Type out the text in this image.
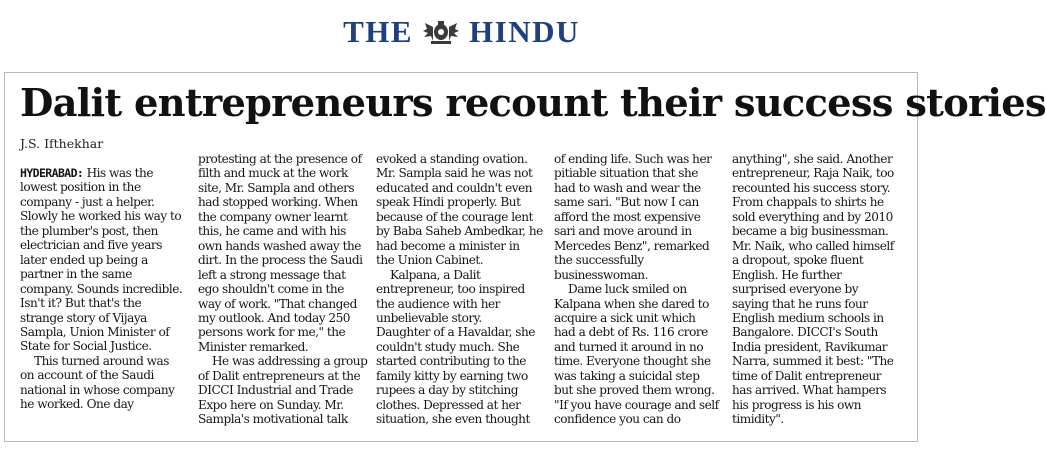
THE HINDU
Dalit entrepreneurs recount their success stories
J.S. Ifthekhar
HYDERABAD: His was the
lowest position in the
company - just a helper.
Slowly he worked his way to
the plumber's post, then
electrician and five years
later ended up being a
partner in the same
company. Sounds incredible.
Isn't it? But that's the
strange story of Vijaya
Sampla, Union Minister of
State for Social Justice.
This turned around was
on account of the Saudi
national in whose company
he worked. One day
protesting at the presence of
filth and muck at the work
site, Mr. Sampla and others
had stopped working. When
the company owner learnt
this, he came and with his
own hands washed away the
dirt. In the process the Saudi
left a strong message that
ego shouldn't come in the
way of work. "That changed
my outlook. And today 250
persons work for me," the
Minister remarked.
He was addressing a group
of Dalit entrepreneurs at the
DICCI Industrial and Trade
Expo here on Sunday. Mr.
Sampla's motivational talk
evoked a standing ovation.
Mr. Sampla said he was not
educated and couldn't even
speak Hindi properly. But
because of the courage lent
by Baba Saheb Ambedkar, he
had become a minister in
the Union Cabinet.
Kalpana, a Dalit
entrepreneur, too inspired
the audience with her
unbelievable story.
Daughter of a Havaldar, she
couldn't study much. She
started contributing to the
family kitty by earning two
rupees a day by stitching
clothes. Depressed at her
situation, she even thought
of ending life. Such was her
pitiable situation that she
had to wash and wear the
same sari. "But now I can
afford the most expensive
sari and move around in
Mercedes Benz", remarked
the successfully
businesswoman.
Dame luck smiled on
Kalpana when she dared to
acquire a sick unit which
had a debt of Rs. 116 crore
and turned it around in no
time. Everyone thought she
was taking a suicidal step
but she proved them wrong.
"If you have courage and self
confidence you can do
anything", she said. Another
entrepreneur, Raja Naik, too
recounted his success story.
From chappals to shirts he
sold everything and by 2010
became a big businessman.
Mr. Naik, who called himself
a dropout, spoke fluent
English. He further
surprised everyone by
saying that he runs four
English medium schools in
Bangalore. DICCI's South
India president, Ravikumar
Narra, summed it best: "The
time of Dalit entrepreneur
has arrived. What hampers
his progress is his own
timidity".
